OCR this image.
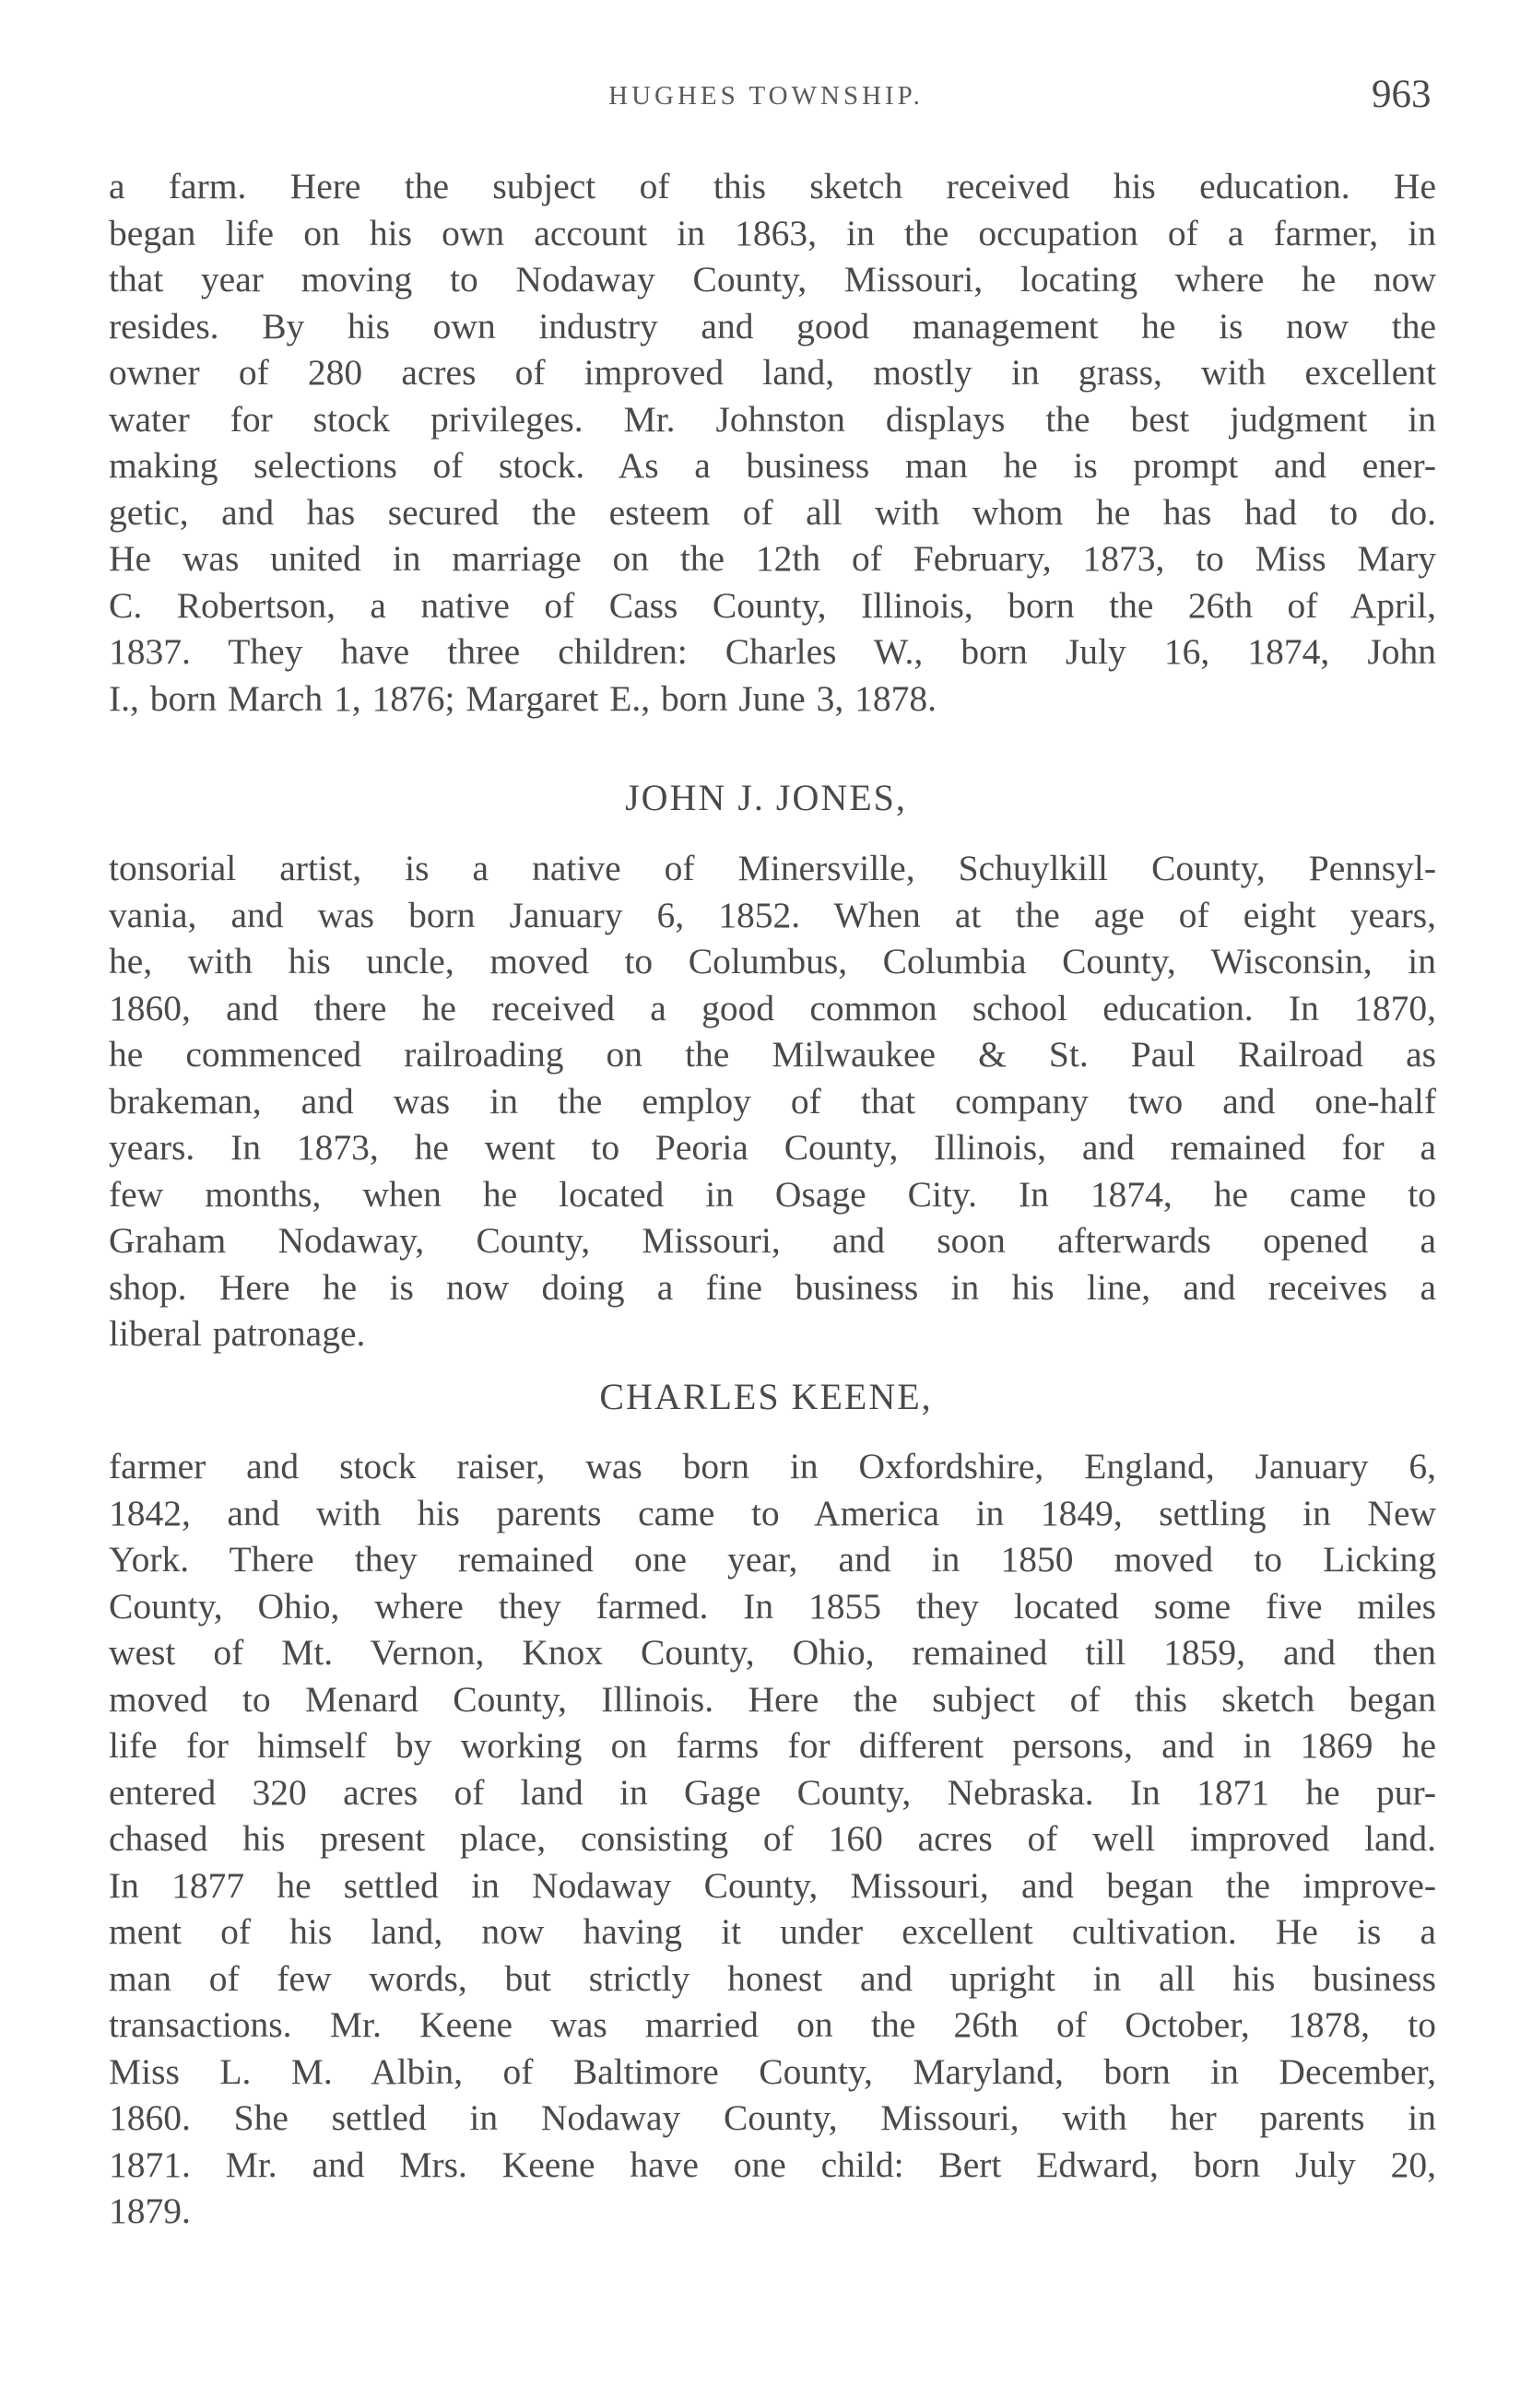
HUGHES TOWNSHIP.	963
a farm. Here the subject of this sketch received his education. He
began life on his own account in 1863, in the occupation of a farmer, in
that year moving to Nodaway County, Missouri, locating where he now
resides. By his own industry and good management he is now the
owner of 280 acres of improved land, mostly in grass, with excellent
water for stock privileges. Mr. Johnston displays the best judgment in
making selections of stock. As a business man he is prompt and ener-
getic, and has secured the esteem of all with whom he has had to do.
He was united in marriage on the 12th of February, 1873, to Miss Mary
C. Robertson, a native of Cass County, Illinois, born the 26th of April,
1837. They have three children: Charles W., born July 16, 1874, John
I., born March 1, 1876; Margaret E., born June 3, 1878.
JOHN J. JONES,
tonsorial artist, is a native of Minersville, Schuylkill County, Pennsyl-
vania, and was born January 6, 1852. When at the age of eight years,
he, with his uncle, moved to Columbus, Columbia County, Wisconsin, in
1860, and there he received a good common school education. In 1870,
he commenced railroading on the Milwaukee & St. Paul Railroad as
brakeman, and was in the employ of that company two and one-half
years. In 1873, he went to Peoria County, Illinois, and remained for a
few months, when he located in Osage City. In 1874, he came to
Graham Nodaway, County, Missouri, and soon afterwards opened a
shop. Here he is now doing a fine business in his line, and receives a
liberal patronage.
CHARLES KEENE,
farmer and stock raiser, was born in Oxfordshire, England, January 6,
1842, and with his parents came to America in 1849, settling in New
York. There they remained one year, and in 1850 moved to Licking
County, Ohio, where they farmed. In 1855 they located some five miles
west of Mt. Vernon, Knox County, Ohio, remained till 1859, and then
moved to Menard County, Illinois. Here the subject of this sketch began
life for himself by working on farms for different persons, and in 1869 he
entered 320 acres of land in Gage County, Nebraska. In 1871 he pur-
chased his present place, consisting of 160 acres of well improved land.
In 1877 he settled in Nodaway County, Missouri, and began the improve-
ment of his land, now having it under excellent cultivation. He is a
man of few words, but strictly honest and upright in all his business
transactions. Mr. Keene was married on the 26th of October, 1878, to
Miss L. M. Albin, of Baltimore County, Maryland, born in December,
1860. She settled in Nodaway County, Missouri, with her parents in
1871. Mr. and Mrs. Keene have one child: Bert Edward, born July 20,
1879.
